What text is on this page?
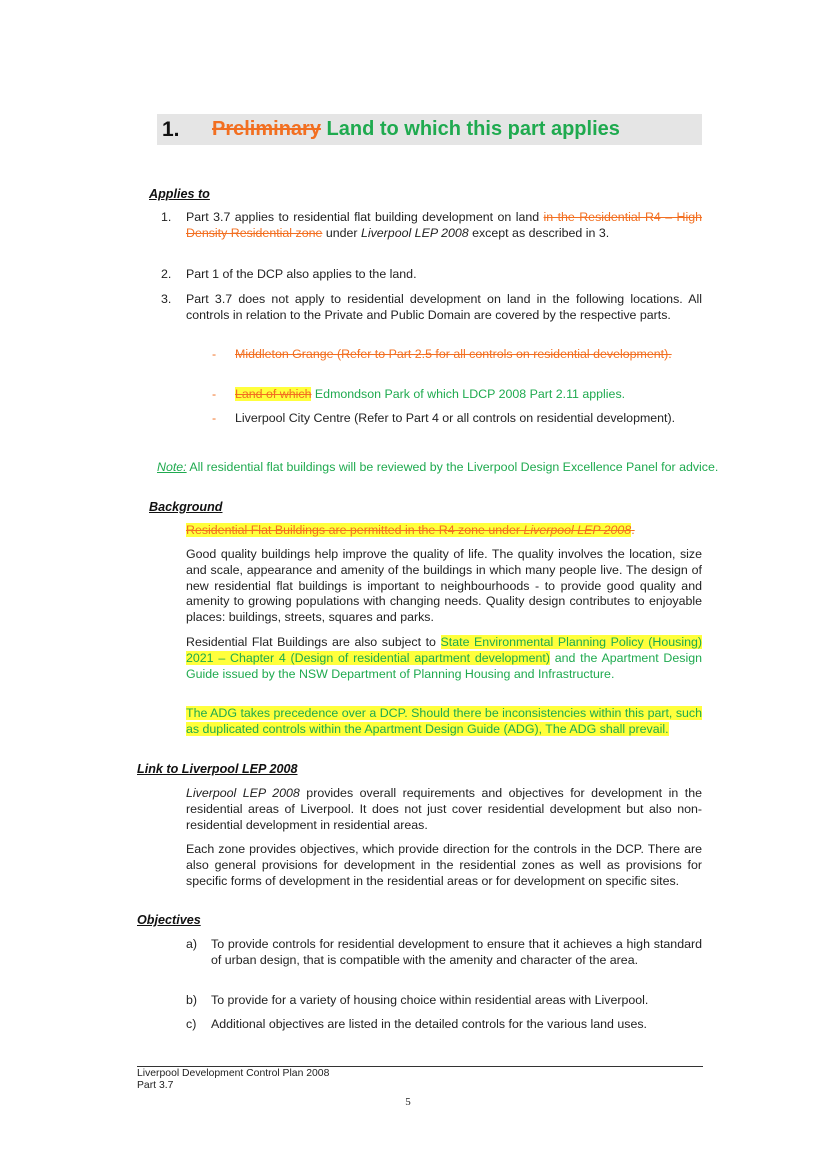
1. Preliminary Land to which this part applies
Applies to
1.	Part 3.7 applies to residential flat building development on land in the Residential R4 – High Density Residential zone under Liverpool LEP 2008 except as described in 3.
2.	Part 1 of the DCP also applies to the land.
3.	Part 3.7 does not apply to residential development on land in the following locations. All controls in relation to the Private and Public Domain are covered by the respective parts.
- Middleton Grange (Refer to Part 2.5 for all controls on residential development).
- Land of which Edmondson Park of which LDCP 2008 Part 2.11 applies.
- Liverpool City Centre (Refer to Part 4 or all controls on residential development).
Note: All residential flat buildings will be reviewed by the Liverpool Design Excellence Panel for advice.
Background
Residential Flat Buildings are permitted in the R4 zone under Liverpool LEP 2008.
Good quality buildings help improve the quality of life. The quality involves the location, size and scale, appearance and amenity of the buildings in which many people live. The design of new residential flat buildings is important to neighbourhoods - to provide good quality and amenity to growing populations with changing needs. Quality design contributes to enjoyable places: buildings, streets, squares and parks.
Residential Flat Buildings are also subject to State Environmental Planning Policy (Housing) 2021 – Chapter 4 (Design of residential apartment development) and the Apartment Design Guide issued by the NSW Department of Planning Housing and Infrastructure.
The ADG takes precedence over a DCP. Should there be inconsistencies within this part, such as duplicated controls within the Apartment Design Guide (ADG), The ADG shall prevail.
Link to Liverpool LEP 2008
Liverpool LEP 2008 provides overall requirements and objectives for development in the residential areas of Liverpool. It does not just cover residential development but also non-residential development in residential areas.
Each zone provides objectives, which provide direction for the controls in the DCP. There are also general provisions for development in the residential zones as well as provisions for specific forms of development in the residential areas or for development on specific sites.
Objectives
a)	To provide controls for residential development to ensure that it achieves a high standard of urban design, that is compatible with the amenity and character of the area.
b)	To provide for a variety of housing choice within residential areas with Liverpool.
c)	Additional objectives are listed in the detailed controls for the various land uses.
Liverpool Development Control Plan 2008
Part 3.7
5
